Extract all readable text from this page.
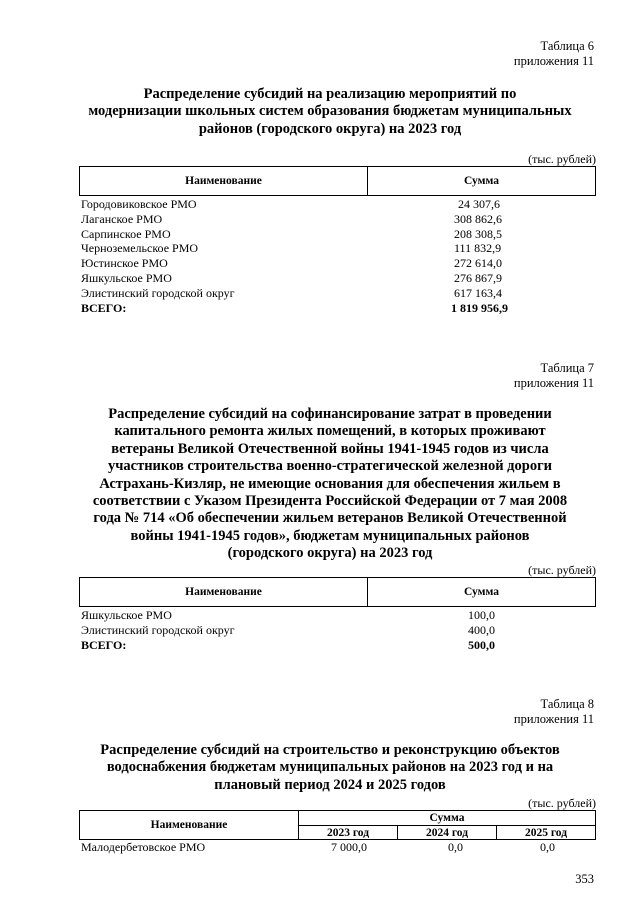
Таблица 6
приложения 11
Распределение субсидий на реализацию мероприятий по
модернизации школьных систем образования бюджетам муниципальных
районов (городского округа) на 2023 год
(тыс. рублей)
Наименование	Сумма
Городовиковское РМО	24 307,6
Лаганское РМО	308 862,6
Сарпинское РМО	208 308,5
Черноземельское РМО	111 832,9
Юстинское РМО	272 614,0
Яшкульское РМО	276 867,9
Элистинский городской округ	617 163,4
ВСЕГО:	1 819 956,9
Таблица 7
приложения 11
Распределение субсидий на софинансирование затрат в проведении
капитального ремонта жилых помещений, в которых проживают
ветераны Великой Отечественной войны 1941-1945 годов из числа
участников строительства военно-стратегической железной дороги
Астрахань-Кизляр, не имеющие основания для обеспечения жильем в
соответствии с Указом Президента Российской Федерации от 7 мая 2008
года № 714 «Об обеспечении жильем ветеранов Великой Отечественной
войны 1941-1945 годов», бюджетам муниципальных районов
(городского округа) на 2023 год
(тыс. рублей)
Наименование	Сумма
Яшкульское РМО	100,0
Элистинский городской округ	400,0
ВСЕГО:	500,0
Таблица 8
приложения 11
Распределение субсидий на строительство и реконструкцию объектов
водоснабжения бюджетам муниципальных районов на 2023 год и на
плановый период 2024 и 2025 годов
(тыс. рублей)
Наименование	Сумма		
	2023 год	2024 год	2025 год
Малодербетовское РМО	7 000,0	0,0	0,0
353
